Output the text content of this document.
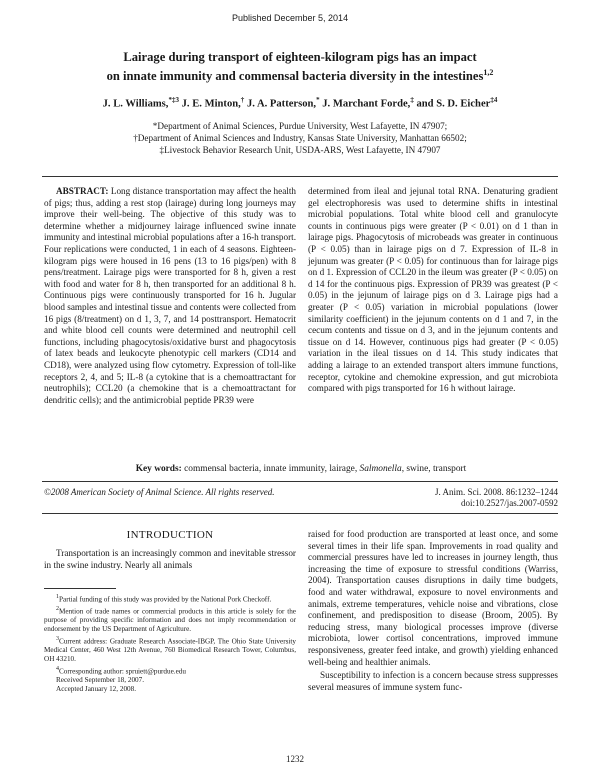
Published December 5, 2014
Lairage during transport of eighteen-kilogram pigs has an impact
on innate immunity and commensal bacteria diversity in the intestines$^{1,2}$
J. L. Williams,$^{*\ddagger 3}$ J. E. Minton,† J. A. Patterson,* J. Marchant Forde,‡ and S. D. Eicher$^{\ddagger 4}$
*Department of Animal Sciences, Purdue University, West Lafayette, IN 47907;
†Department of Animal Sciences and Industry, Kansas State University, Manhattan 66502;
‡Livestock Behavior Research Unit, USDA-ARS, West Lafayette, IN 47907

ABSTRACT: Long distance transportation may affect the health of pigs; thus, adding a rest stop (lairage) during long journeys may improve their well-being. The objective of this study was to determine whether a midjourney lairage influenced swine innate immunity and intestinal microbial populations after a 16-h transport. Four replications were conducted, 1 in each of 4 seasons. Eighteen-kilogram pigs were housed in 16 pens (13 to 16 pigs/pen) with 8 pens/treatment. Lairage pigs were transported for 8 h, given a rest with food and water for 8 h, then transported for an additional 8 h. Continuous pigs were continuously transported for 16 h. Jugular blood samples and intestinal tissue and contents were collected from 16 pigs (8/treatment) on d 1, 3, 7, and 14 posttransport. Hematocrit and white blood cell counts were determined and neutrophil cell functions, including phagocytosis/oxidative burst and phagocytosis of latex beads and leukocyte phenotypic cell markers (CD14 and CD18), were analyzed using flow cytometry. Expression of toll-like receptors 2, 4, and 5; IL-8 (a cytokine that is a chemoattractant for neutrophils); CCL20 (a chemokine that is a chemoattractant for dendritic cells); and the antimicrobial peptide PR39 were

determined from ileal and jejunal total RNA. Denaturing gradient gel electrophoresis was used to determine shifts in intestinal microbial populations. Total white blood cell and granulocyte counts in continuous pigs were greater (P < 0.01) on d 1 than in lairage pigs. Phagocytosis of microbeads was greater in continuous (P < 0.05) than in lairage pigs on d 7. Expression of IL-8 in jejunum was greater (P < 0.05) for continuous than for lairage pigs on d 1. Expression of CCL20 in the ileum was greater (P < 0.05) on d 14 for the continuous pigs. Expression of PR39 was greatest (P < 0.05) in the jejunum of lairage pigs on d 3. Lairage pigs had a greater (P < 0.05) variation in microbial populations (lower similarity coefficient) in the jejunum contents on d 1 and 7, in the cecum contents and tissue on d 3, and in the jejunum contents and tissue on d 14. However, continuous pigs had greater (P < 0.05) variation in the ileal tissues on d 14. This study indicates that adding a lairage to an extended transport alters immune functions, receptor, cytokine and chemokine expression, and gut microbiota compared with pigs transported for 16 h without lairage.

Key words: commensal bacteria, innate immunity, lairage, Salmonella, swine, transport
©2008 American Society of Animal Science. All rights reserved.	J. Anim. Sci. 2008. 86:1232–1244
doi:10.2527/jas.2007-0592
INTRODUCTION

Transportation is an increasingly common and inevitable stressor in the swine industry. Nearly all animals

$^1$Partial funding of this study was provided by the National Pork Checkoff.

$^2$Mention of trade names or commercial products in this article is solely for the purpose of providing specific information and does not imply recommendation or endorsement by the US Department of Agriculture.

$^3$Current address: Graduate Research Associate-IBGP, The Ohio State University Medical Center, 460 West 12th Avenue, 760 Biomedical Research Tower, Columbus, OH 43210.

$^4$Corresponding author: spruiett@purdue.edu

Received September 18, 2007.

Accepted January 12, 2008.

raised for food production are transported at least once, and some several times in their life span. Improvements in road quality and commercial pressures have led to increases in journey length, thus increasing the time of exposure to stressful conditions (Warriss, 2004). Transportation causes disruptions in daily time budgets, food and water withdrawal, exposure to novel environments and animals, extreme temperatures, vehicle noise and vibrations, close confinement, and predisposition to disease (Broom, 2005). By reducing stress, many biological processes improve (diverse microbiota, lower cortisol concentrations, improved immune responsiveness, greater feed intake, and growth) yielding enhanced well-being and healthier animals.

Susceptibility to infection is a concern because stress suppresses several measures of immune system func-

1232
